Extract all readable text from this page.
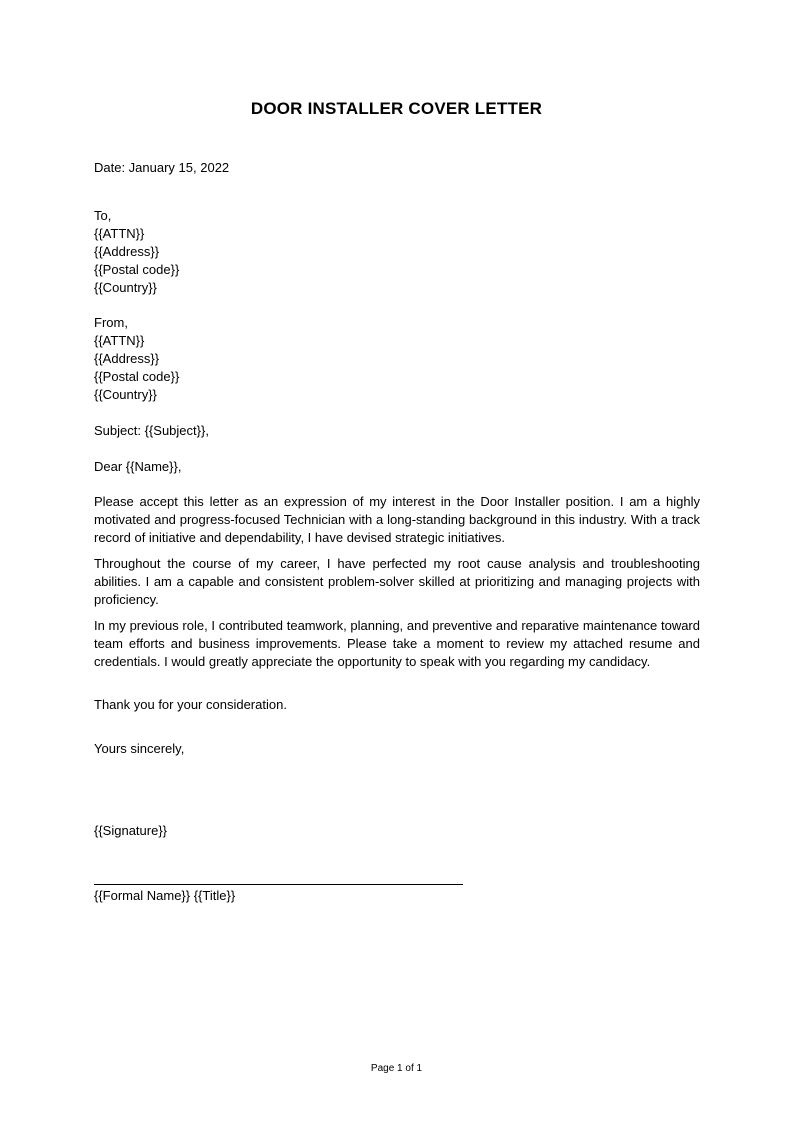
DOOR INSTALLER COVER LETTER

Date: January 15, 2022

To,
{{ATTN}}
{{Address}}
{{Postal code}}
{{Country}}
From,
{{ATTN}}
{{Address}}
{{Postal code}}
{{Country}}

Subject: {{Subject}},

Dear {{Name}},

Please accept this letter as an expression of my interest in the Door Installer position. I am a highly motivated and progress-focused Technician with a long-standing background in this industry. With a track record of initiative and dependability, I have devised strategic initiatives.

Throughout the course of my career, I have perfected my root cause analysis and troubleshooting abilities. I am a capable and consistent problem-solver skilled at prioritizing and managing projects with proficiency.

In my previous role, I contributed teamwork, planning, and preventive and reparative maintenance toward team efforts and business improvements. Please take a moment to review my attached resume and credentials. I would greatly appreciate the opportunity to speak with you regarding my candidacy.

Thank you for your consideration.

Yours sincerely,

{{Signature}}

{{Formal Name}} {{Title}}

Page 1 of 1
